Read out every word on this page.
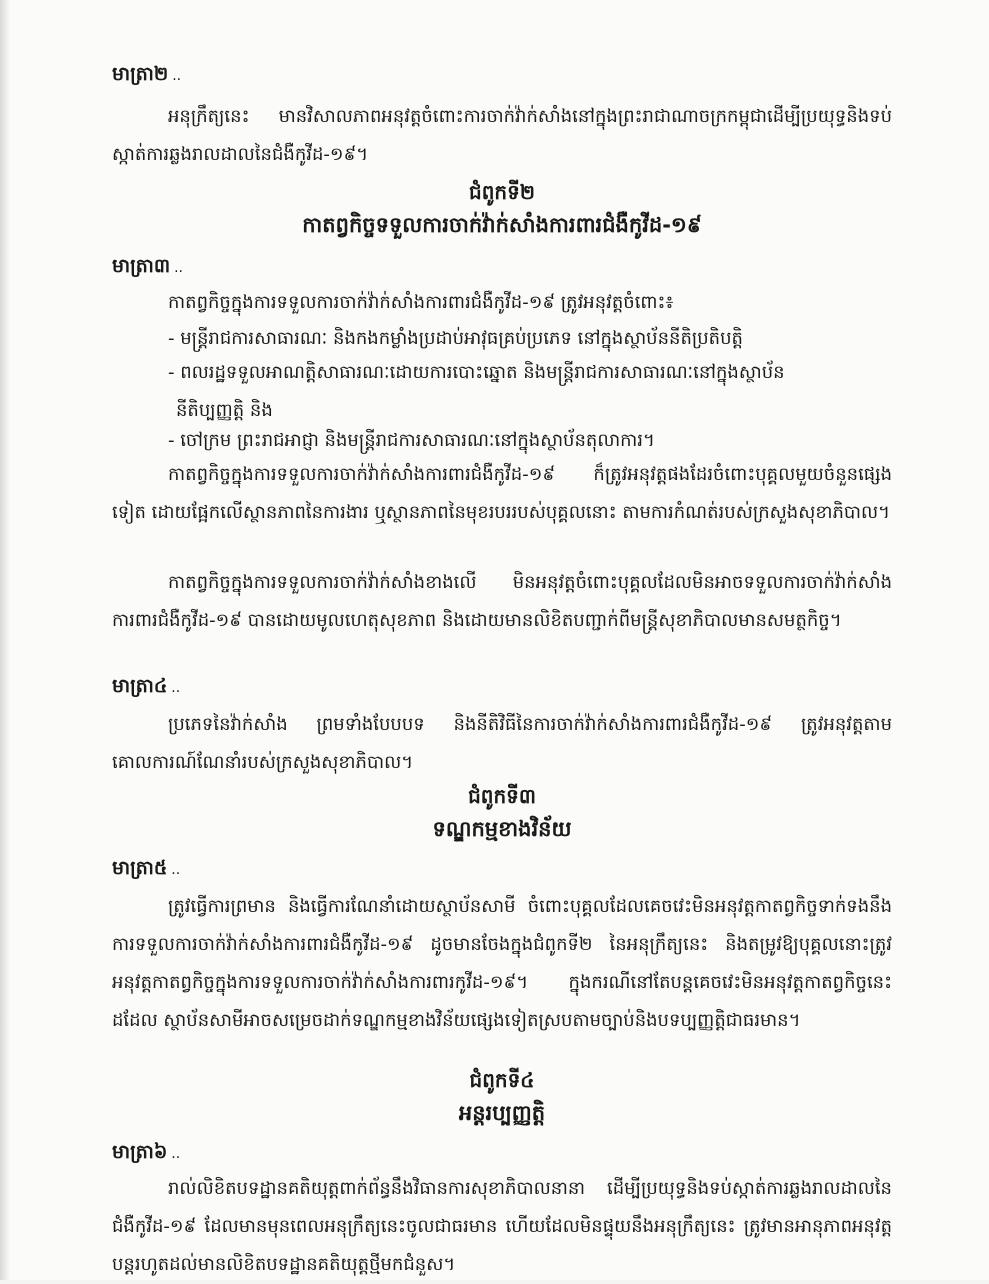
មាត្រា២ ..
អនុក្រឹត្យនេះ មានវិសាលភាពអនុវត្តចំពោះការចាក់វ៉ាក់សាំងនៅក្នុងព្រះរាជាណាចក្រកម្ពុជាដើម្បីប្រយុទ្ធនិងទប់ស្កាត់ការឆ្លងរាលដាលនៃជំងឺកូវីដ-១៩។
ជំពូកទី២
កាតព្វកិច្ចទទួលការចាក់វ៉ាក់សាំងការពារជំងឺកូវីដ-១៩
មាត្រា៣ ..
កាតព្វកិច្ចក្នុងការទទួលការចាក់វ៉ាក់សាំងការពារជំងឺកូវីដ-១៩ ត្រូវអនុវត្តចំពោះ៖
- មន្ត្រីរាជការសាធារណៈ និងកងកម្លាំងប្រដាប់អាវុធគ្រប់ប្រភេទ នៅក្នុងស្ថាប័ននីតិប្រតិបត្តិ
- ពលរដ្ឋទទួលអាណត្តិសាធារណៈដោយការបោះឆ្នោត និងមន្ត្រីរាជការសាធារណៈនៅក្នុងស្ថាប័ន
នីតិប្បញ្ញត្តិ និង
- ចៅក្រម ព្រះរាជអាជ្ញា និងមន្ត្រីរាជការសាធារណៈនៅក្នុងស្ថាប័នតុលាការ។
កាតព្វកិច្ចក្នុងការទទួលការចាក់វ៉ាក់សាំងការពារជំងឺកូវីដ-១៩ ក៏ត្រូវអនុវត្តផងដែរចំពោះបុគ្គលមួយចំនួនផ្សេងទៀត ដោយផ្អែកលើស្ថានភាពនៃការងារ ឬស្ថានភាពនៃមុខរបររបស់បុគ្គលនោះ តាមការកំណត់របស់ក្រសួងសុខាភិបាល។
កាតព្វកិច្ចក្នុងការទទួលការចាក់វ៉ាក់សាំងខាងលើ មិនអនុវត្តចំពោះបុគ្គលដែលមិនអាចទទួលការចាក់វ៉ាក់សាំងការពារជំងឺកូវីដ-១៩ បានដោយមូលហេតុសុខភាព និងដោយមានលិខិតបញ្ជាក់ពីមន្ត្រីសុខាភិបាលមានសមត្ថកិច្ច។
មាត្រា៤ ..
ប្រភេទនៃវ៉ាក់សាំង ព្រមទាំងបែបបទ និងនីតិវិធីនៃការចាក់វ៉ាក់សាំងការពារជំងឺកូវីដ-១៩ ត្រូវអនុវត្តតាមគោលការណ៍ណែនាំរបស់ក្រសួងសុខាភិបាល។
ជំពូកទី៣
ទណ្ឌកម្មខាងវិន័យ
មាត្រា៥ ..
ត្រូវធ្វើការព្រមាន និងធ្វើការណែនាំដោយស្ថាប័នសាមី ចំពោះបុគ្គលដែលគេចវេះមិនអនុវត្តកាតព្វកិច្ចទាក់ទងនឹងការទទួលការចាក់វ៉ាក់សាំងការពារជំងឺកូវីដ-១៩ ដូចមានចែងក្នុងជំពូកទី២ នៃអនុក្រឹត្យនេះ និងតម្រូវឱ្យបុគ្គលនោះត្រូវអនុវត្តកាតព្វកិច្ចក្នុងការទទួលការចាក់វ៉ាក់សាំងការពារកូវីដ-១៩។ ក្នុងករណីនៅតែបន្តគេចវេះមិនអនុវត្តកាតព្វកិច្ចនេះដដែល ស្ថាប័នសាមីអាចសម្រេចដាក់ទណ្ឌកម្មខាងវិន័យផ្សេងទៀតស្របតាមច្បាប់និងបទប្បញ្ញត្តិជាធរមាន។
ជំពូកទី៤
អន្តរប្បញ្ញត្តិ
មាត្រា៦ ..
រាល់លិខិតបទដ្ឋានគតិយុត្តពាក់ព័ន្ធនឹងវិធានការសុខាភិបាលនានា ដើម្បីប្រយុទ្ធនិងទប់ស្កាត់ការឆ្លងរាលដាលនៃជំងឺកូវីដ-១៩ ដែលមានមុនពេលអនុក្រឹត្យនេះចូលជាធរមាន ហើយដែលមិនផ្ទុយនឹងអនុក្រឹត្យនេះ ត្រូវមានអានុភាពអនុវត្តបន្តរហូតដល់មានលិខិតបទដ្ឋានគតិយុត្តថ្មីមកជំនួស។
